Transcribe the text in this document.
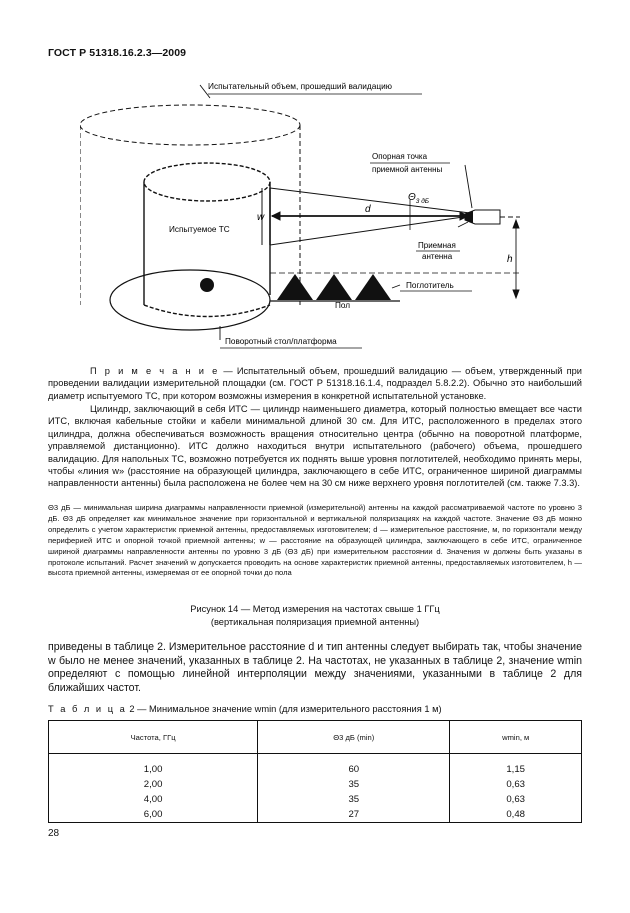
ГОСТ Р 51318.16.2.3—2009
Испытательный объем, прошедший валидацию
Опорная точка
приемной антенны
$\Theta_{3 дБ}$
w
d
Испытуемое ТС
Приемная
антенна	h
Поглотитель
Пол
Поворотный стол/платформа
П р и м е ч а н и е — Испытательный объем, прошедший валидацию — объем, утвержденный при проведении валидации измерительной площадки (см. ГОСТ Р 51318.16.1.4, подраздел 5.8.2.2). Обычно это наибольший диаметр испытуемого ТС, при котором возможны измерения в конкретной испытательной установке.
Цилиндр, заключающий в себя ИТС — цилиндр наименьшего диаметра, который полностью вмещает все части ИТС, включая кабельные стойки и кабели минимальной длиной 30 см. Для ИТС, расположенного в пределах этого цилиндра, должна обеспечиваться возможность вращения относительно центра (обычно на поворотной платформе, управляемой дистанционно). ИТС должно находиться внутри испытательного (рабочего) объема, прошедшего валидацию. Для напольных ТС, возможно потребуется их поднять выше уровня поглотителей, необходимо принять меры, чтобы «линия w» (расстояние на образующей цилиндра, заключающего в себе ИТС, ограниченное шириной диаграммы направленности антенны) была расположена не более чем на 30 см ниже верхнего уровня поглотителей (см. также 7.3.3).
Θ3 дБ — минимальная ширина диаграммы направленности приемной (измерительной) антенны на каждой рассматриваемой частоте по уровню 3 дБ. Θ3 дБ определяет как минимальное значение при горизонтальной и вертикальной поляризациях на каждой частоте. Значение Θ3 дБ можно определить с учетом характеристик приемной антенны, предоставляемых изготовителем; d — измерительное расстояние, м, по горизонтали между периферией ИТС и опорной точкой приемной антенны; w — расстояние на образующей цилиндра, заключающего в себе ИТС, ограниченное шириной диаграммы направленности антенны по уровню 3 дБ (Θ3 дБ) при измерительном расстоянии d. Значения w должны быть указаны в протоколе испытаний. Расчет значений w допускается проводить на основе характеристик приемной антенны, предоставляемых изготовителем, h — высота приемной антенны, измеряемая от ее опорной точки до пола
Рисунок 14 — Метод измерения на частотах свыше 1 ГГц
(вертикальная поляризация приемной антенны)
приведены в таблице 2. Измерительное расстояние d и тип антенны следует выбирать так, чтобы значение w было не менее значений, указанных в таблице 2. На частотах, не указанных в таблице 2, значение wmin определяют с помощью линейной интерполяции между значениями, указанными в таблице 2 для ближайших частот.
Т а б л и ц а 2 — Минимальное значение wmin (для измерительного расстояния 1 м)
Частота, ГГц	Θ3 дБ (min)	wmin, м
1,00	60	1,15
2,00	35	0,63
4,00	35	0,63
6,00	27	0,48
28
